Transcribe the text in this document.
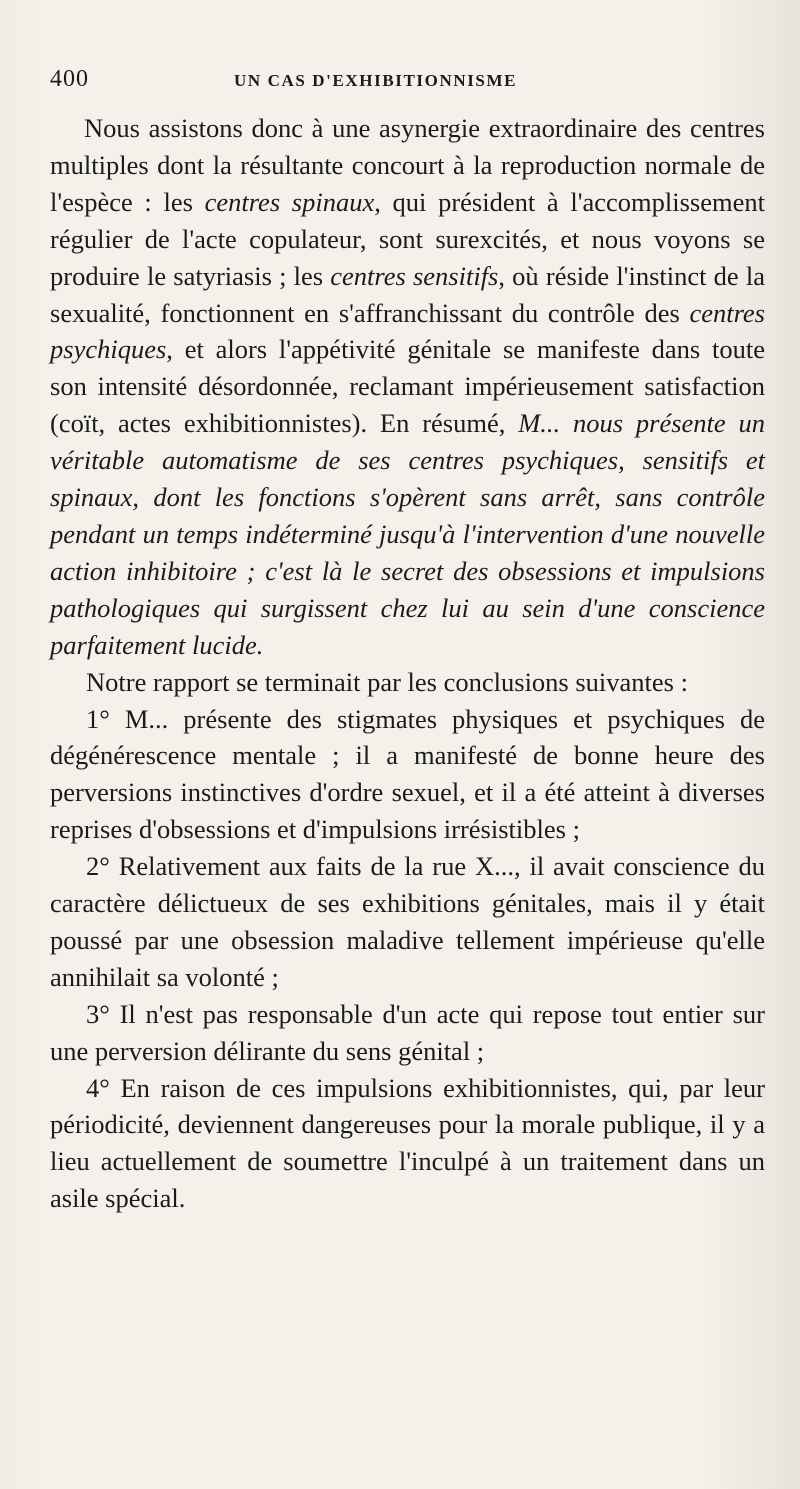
400	UN CAS D'EXHIBITIONNISME

Nous assistons donc à une asynergie extraordinaire des centres multiples dont la résultante concourt à la reproduction normale de l'espèce : les centres spinaux, qui président à l'accomplissement régulier de l'acte copulateur, sont surexcités, et nous voyons se produire le satyriasis ; les centres sensitifs, où réside l'instinct de la sexualité, fonctionnent en s'affranchissant du contrôle des centres psychiques, et alors l'appétivité génitale se manifeste dans toute son intensité désordonnée, reclamant impérieusement satisfaction (coït, actes exhibitionnistes). En résumé, M... nous présente un véritable automatisme de ses centres psychiques, sensitifs et spinaux, dont les fonctions s'opèrent sans arrêt, sans contrôle pendant un temps indéterminé jusqu'à l'intervention d'une nouvelle action inhibitoire ; c'est là le secret des obsessions et impulsions pathologiques qui surgissent chez lui au sein d'une conscience parfaitement lucide.

Notre rapport se terminait par les conclusions suivantes :

1° M... présente des stigmates physiques et psychiques de dégénérescence mentale ; il a manifesté de bonne heure des perversions instinctives d'ordre sexuel, et il a été atteint à diverses reprises d'obsessions et d'impulsions irrésistibles ;

2° Relativement aux faits de la rue X..., il avait conscience du caractère délictueux de ses exhibitions génitales, mais il y était poussé par une obsession maladive tellement impérieuse qu'elle annihilait sa volonté ;

3° Il n'est pas responsable d'un acte qui repose tout entier sur une perversion délirante du sens génital ;

4° En raison de ces impulsions exhibitionnistes, qui, par leur périodicité, deviennent dangereuses pour la morale publique, il y a lieu actuellement de soumettre l'inculpé à un traitement dans un asile spécial.
